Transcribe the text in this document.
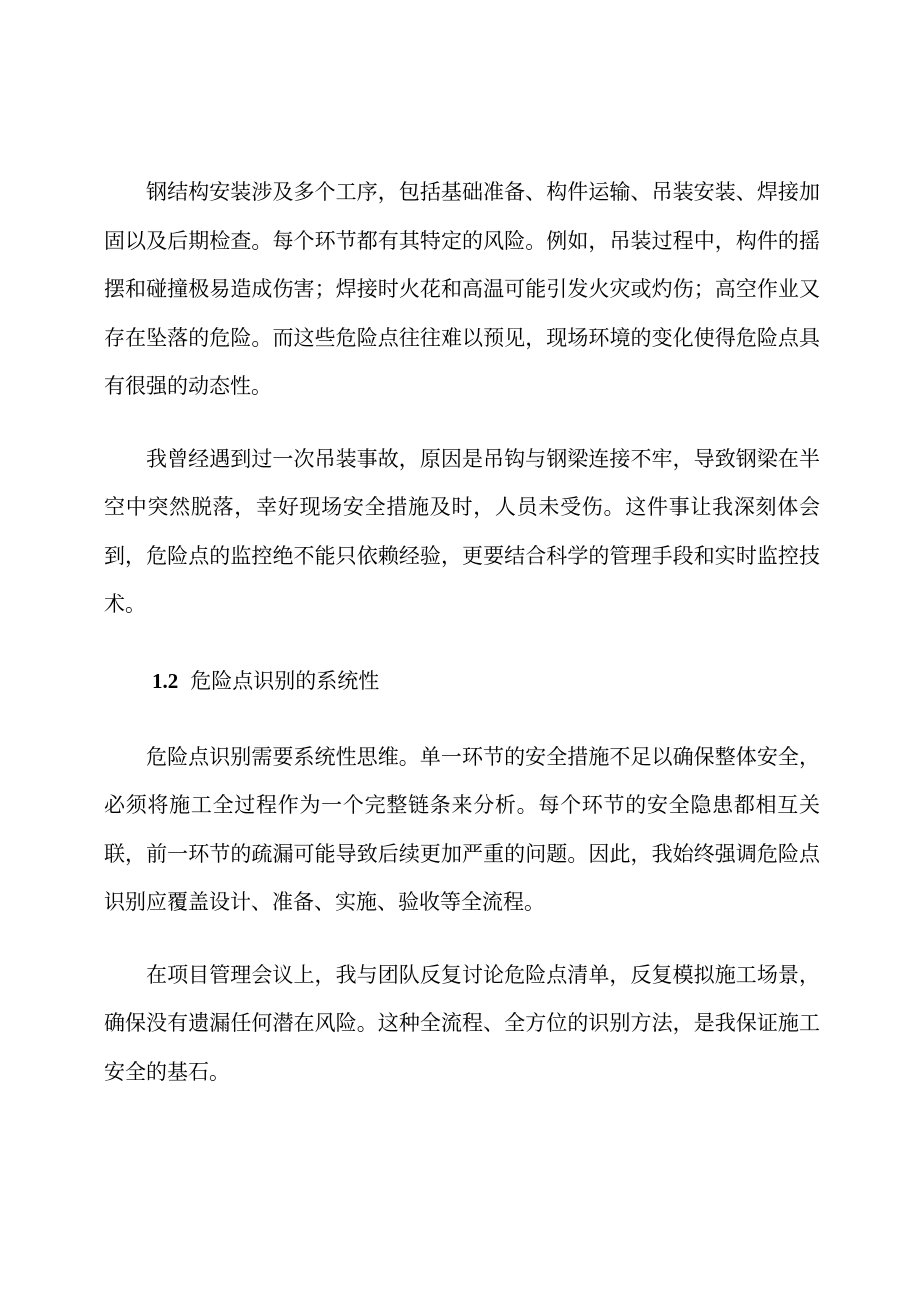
钢结构安装涉及多个工序，包括基础准备、构件运输、吊装安装、焊接加固以及后期检查。每个环节都有其特定的风险。例如，吊装过程中，构件的摇摆和碰撞极易造成伤害；焊接时火花和高温可能引发火灾或灼伤；高空作业又存在坠落的危险。而这些危险点往往难以预见，现场环境的变化使得危险点具有很强的动态性。

我曾经遇到过一次吊装事故，原因是吊钩与钢梁连接不牢，导致钢梁在半空中突然脱落，幸好现场安全措施及时，人员未受伤。这件事让我深刻体会到，危险点的监控绝不能只依赖经验，更要结合科学的管理手段和实时监控技术。

1.2 危险点识别的系统性

危险点识别需要系统性思维。单一环节的安全措施不足以确保整体安全，必须将施工全过程作为一个完整链条来分析。每个环节的安全隐患都相互关联，前一环节的疏漏可能导致后续更加严重的问题。因此，我始终强调危险点识别应覆盖设计、准备、实施、验收等全流程。

在项目管理会议上，我与团队反复讨论危险点清单，反复模拟施工场景，确保没有遗漏任何潜在风险。这种全流程、全方位的识别方法，是我保证施工安全的基石。
